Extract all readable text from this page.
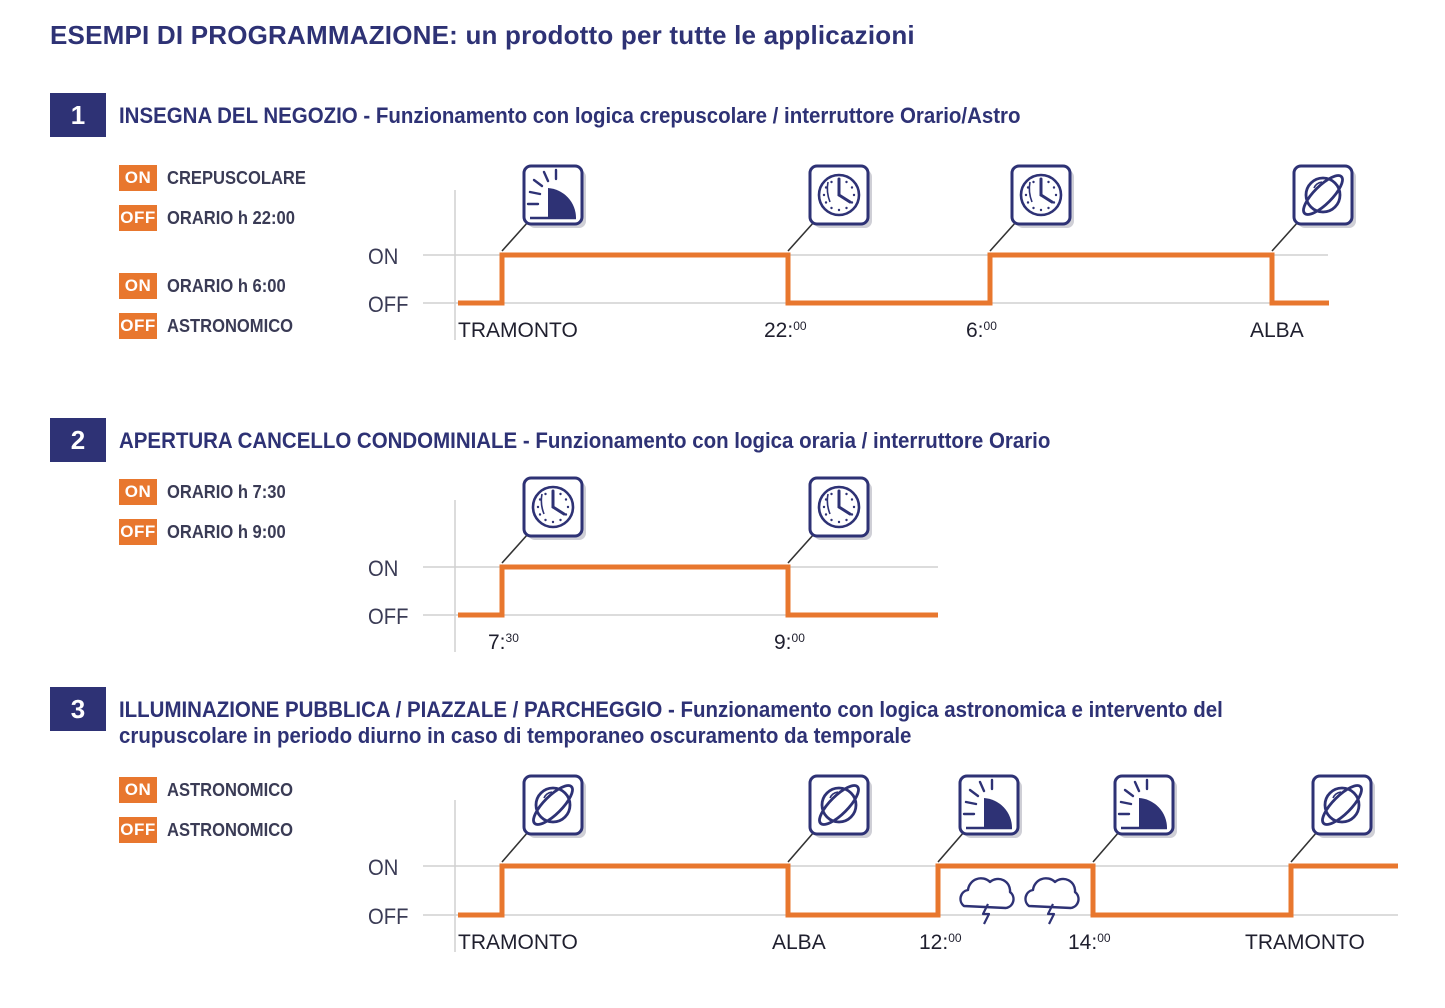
ESEMPI DI PROGRAMMAZIONE: un prodotto per tutte le applicazioni
1	INSEGNA DEL NEGOZIO - Funzionamento con logica crepuscolare / interruttore Orario/Astro
ON CREPUSCOLARE
OFF ORARIO h 22:00
ON ORARIO h 6:00
OFF ASTRONOMICO
2	APERTURA CANCELLO CONDOMINIALE - Funzionamento con logica oraria / interruttore Orario
ON ORARIO h 7:30
OFF ORARIO h 9:00
3	ILLUMINAZIONE PUBBLICA / PIAZZALE / PARCHEGGIO - Funzionamento con logica astronomica e intervento del crupuscolare in periodo diurno in caso di temporaneo oscuramento da temporale
ON ASTRONOMICO
OFF ASTRONOMICO
ON
OFF
TRAMONTO	22:$^{00}$	6:$^{00}$	ALBA
ON
OFF
7:$^{30}$	9:$^{00}$
ON
OFF
TRAMONTO	ALBA	12:$^{00}$	14:$^{00}$	TRAMONTO
